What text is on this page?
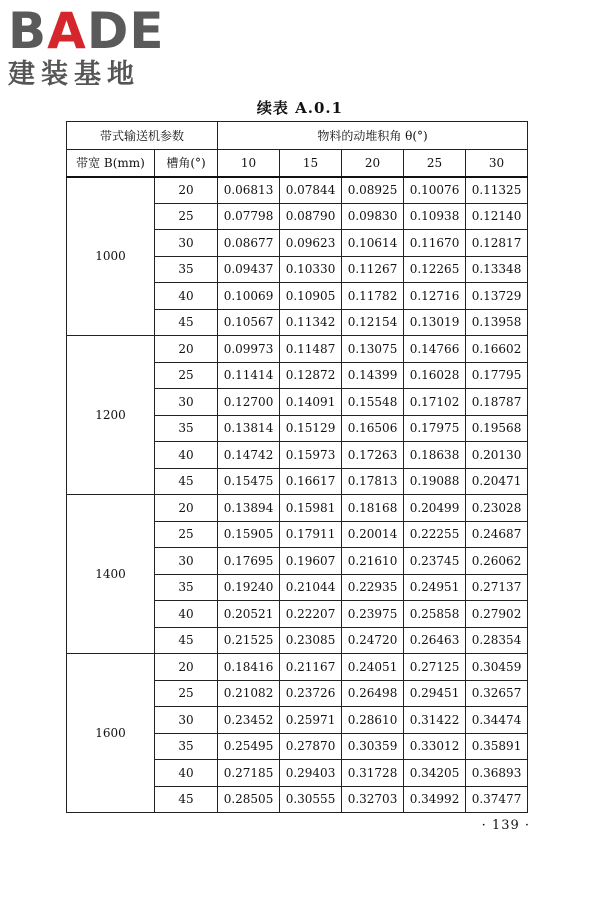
BADE
建装基地
续表 A.0.1
带式输送机参数		物料的动堆积角 θ(°)				
带宽 B(mm)	槽角(°)	10	15	20	25	30
1000	20	0.06813	0.07844	0.08925	0.10076	0.11325
	25	0.07798	0.08790	0.09830	0.10938	0.12140
	30	0.08677	0.09623	0.10614	0.11670	0.12817
	35	0.09437	0.10330	0.11267	0.12265	0.13348
	40	0.10069	0.10905	0.11782	0.12716	0.13729
	45	0.10567	0.11342	0.12154	0.13019	0.13958
1200	20	0.09973	0.11487	0.13075	0.14766	0.16602
	25	0.11414	0.12872	0.14399	0.16028	0.17795
	30	0.12700	0.14091	0.15548	0.17102	0.18787
	35	0.13814	0.15129	0.16506	0.17975	0.19568
	40	0.14742	0.15973	0.17263	0.18638	0.20130
	45	0.15475	0.16617	0.17813	0.19088	0.20471
1400	20	0.13894	0.15981	0.18168	0.20499	0.23028
	25	0.15905	0.17911	0.20014	0.22255	0.24687
	30	0.17695	0.19607	0.21610	0.23745	0.26062
	35	0.19240	0.21044	0.22935	0.24951	0.27137
	40	0.20521	0.22207	0.23975	0.25858	0.27902
	45	0.21525	0.23085	0.24720	0.26463	0.28354
1600	20	0.18416	0.21167	0.24051	0.27125	0.30459
	25	0.21082	0.23726	0.26498	0.29451	0.32657
	30	0.23452	0.25971	0.28610	0.31422	0.34474
	35	0.25495	0.27870	0.30359	0.33012	0.35891
	40	0.27185	0.29403	0.31728	0.34205	0.36893
	45	0.28505	0.30555	0.32703	0.34992	0.37477
· 139 ·
